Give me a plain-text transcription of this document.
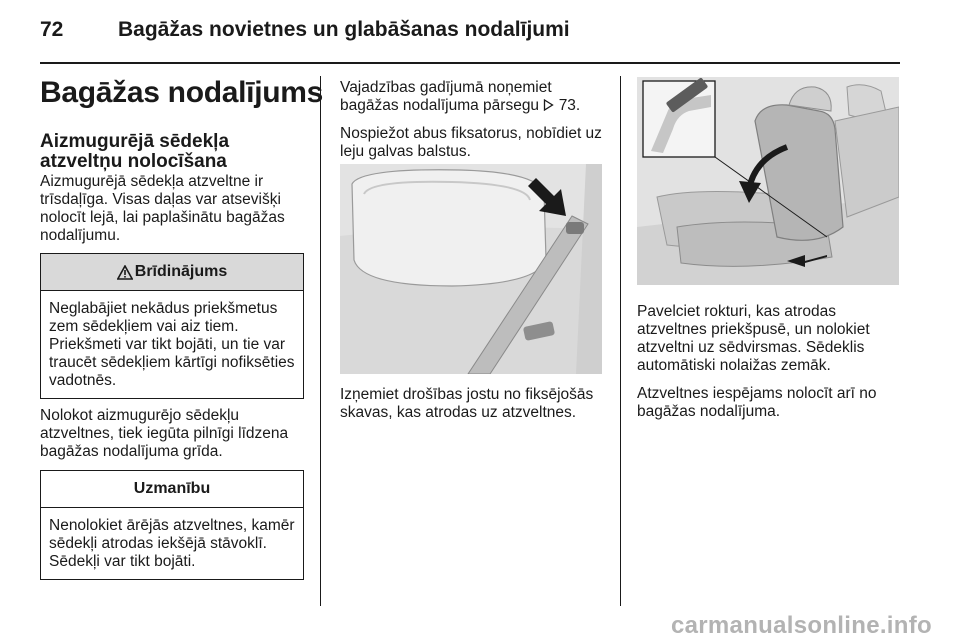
72	Bagāžas novietnes un glabāšanas nodalījumi
Bagāžas nodalījums
Aizmugurējā sēdekļa atzveltņu nolocīšana

Aizmugurējā sēdekļa atzveltne ir trīsdaļīga. Visas daļas var atsevišķi nolocīt lejā, lai paplašinātu bagāžas nodalījumu.

Brīdinājums
Neglabājiet nekādus priekšmetus zem sēdekļiem vai aiz tiem. Priekšmeti var tikt bojāti, un tie var traucēt sēdekļiem kārtīgi nofiksēties vadotnēs.

Nolokot aizmugurējo sēdekļu atzveltnes, tiek iegūta pilnīgi līdzena bagāžas nodalījuma grīda.

Uzmanību
Nenolokiet ārējās atzveltnes, kamēr sēdekļi atrodas iekšējā stāvoklī. Sēdekļi var tikt bojāti.

Vajadzības gadījumā noņemiet bagāžas nodalījuma pārsegu  73.

Nospiežot abus fiksatorus, nobīdiet uz leju galvas balstus.

Izņemiet drošības jostu no fiksējošās skavas, kas atrodas uz atzveltnes.

Pavelciet rokturi, kas atrodas atzveltnes priekšpusē, un nolokiet atzveltni uz sēdvirsmas. Sēdeklis automātiski nolaižas zemāk.

Atzveltnes iespējams nolocīt arī no bagāžas nodalījuma.

carmanualsonline.info
